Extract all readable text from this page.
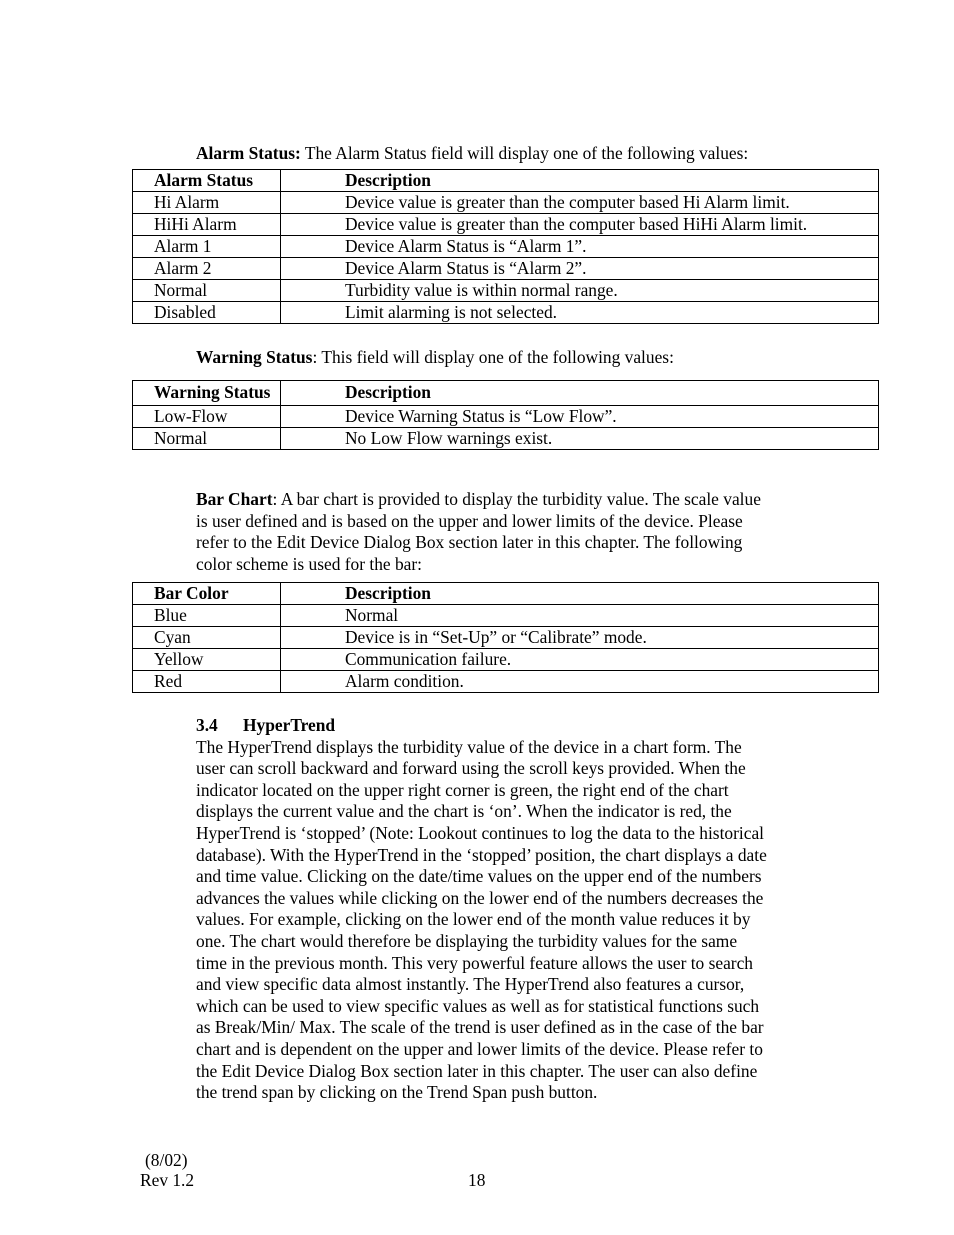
Alarm Status: The Alarm Status field will display one of the following values:
Alarm Status	Description
Hi Alarm	Device value is greater than the computer based Hi Alarm limit.
HiHi Alarm	Device value is greater than the computer based HiHi Alarm limit.
Alarm 1	Device Alarm Status is “Alarm 1”.
Alarm 2	Device Alarm Status is “Alarm 2”.
Normal	Turbidity value is within normal range.
Disabled	Limit alarming is not selected.
Warning Status: This field will display one of the following values:
Warning Status	Description
Low-Flow	Device Warning Status is “Low Flow”.
Normal	No Low Flow warnings exist.
Bar Chart: A bar chart is provided to display the turbidity value. The scale value
is user defined and is based on the upper and lower limits of the device. Please
refer to the Edit Device Dialog Box section later in this chapter. The following
color scheme is used for the bar:
Bar Color	Description
Blue	Normal
Cyan	Device is in “Set-Up” or “Calibrate” mode.
Yellow	Communication failure.
Red	Alarm condition.
3.4 HyperTrend
The HyperTrend displays the turbidity value of the device in a chart form. The
user can scroll backward and forward using the scroll keys provided. When the
indicator located on the upper right corner is green, the right end of the chart
displays the current value and the chart is ‘on’. When the indicator is red, the
HyperTrend is ‘stopped’ (Note: Lookout continues to log the data to the historical
database). With the HyperTrend in the ‘stopped’ position, the chart displays a date
and time value. Clicking on the date/time values on the upper end of the numbers
advances the values while clicking on the lower end of the numbers decreases the
values. For example, clicking on the lower end of the month value reduces it by
one. The chart would therefore be displaying the turbidity values for the same
time in the previous month. This very powerful feature allows the user to search
and view specific data almost instantly. The HyperTrend also features a cursor,
which can be used to view specific values as well as for statistical functions such
as Break/Min/ Max. The scale of the trend is user defined as in the case of the bar
chart and is dependent on the upper and lower limits of the device. Please refer to
the Edit Device Dialog Box section later in this chapter. The user can also define
the trend span by clicking on the Trend Span push button.
(8/02)
Rev 1.2	18
